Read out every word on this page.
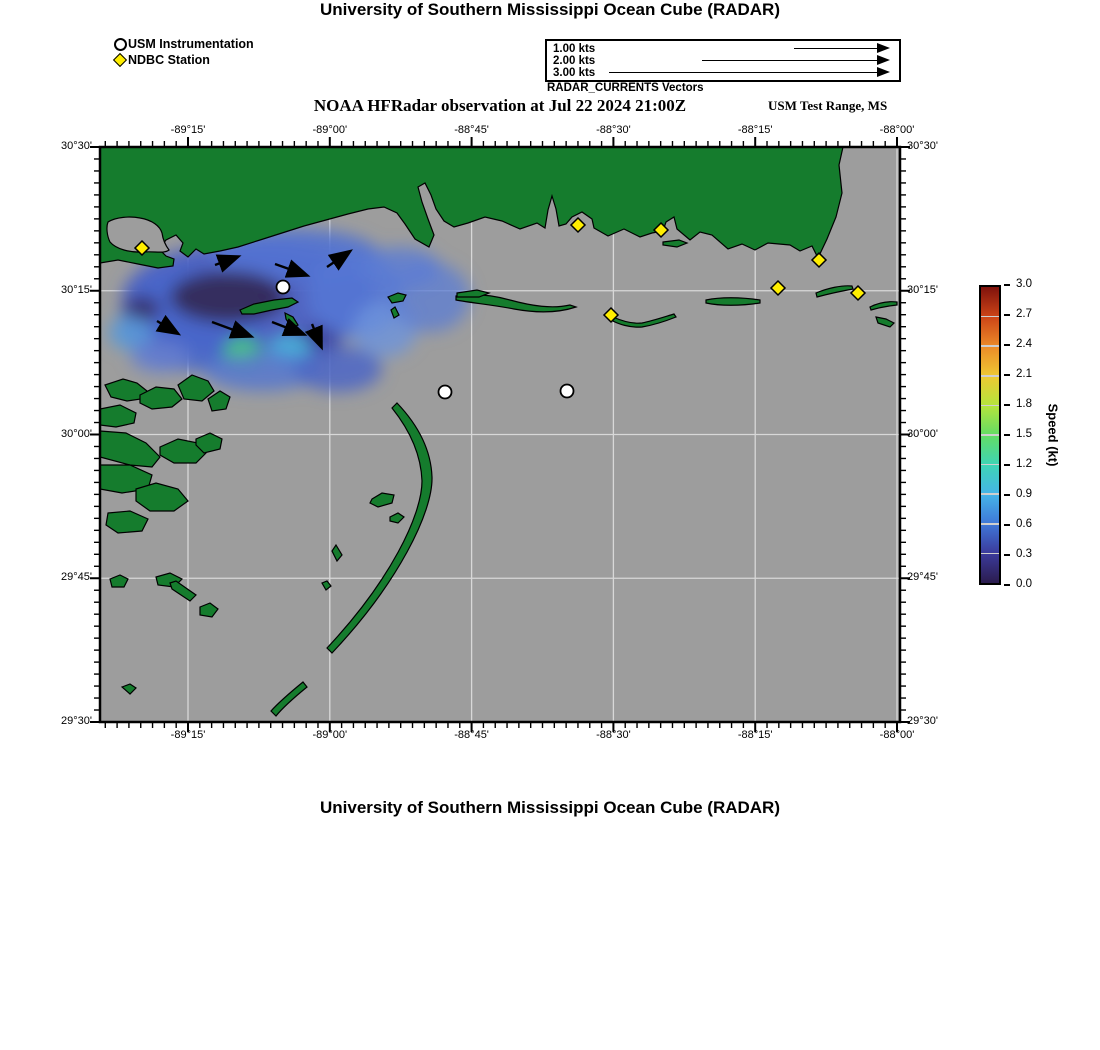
University of Southern Mississippi Ocean Cube (RADAR)
USM Instrumentation
NDBC Station
1.00 kts
2.00 kts
3.00 kts
RADAR_CURRENTS Vectors
NOAA HFRadar observation at Jul 22 2024 21:00Z	USM Test Range, MS
-89°15'
-89°15'
-89°00'
-89°00'
-88°45'
-88°45'
-88°30'
-88°30'
-88°15'
-88°15'
-88°00'
-88°00'
30°30'	30°30'
30°15'	30°15'
30°00'	30°00'
29°45'	29°45'
29°30'	29°30'
Speed (kt)
3.0
2.7
2.4
2.1
1.8
1.5
1.2
0.9
0.6
0.3
0.0
University of Southern Mississippi Ocean Cube (RADAR)
